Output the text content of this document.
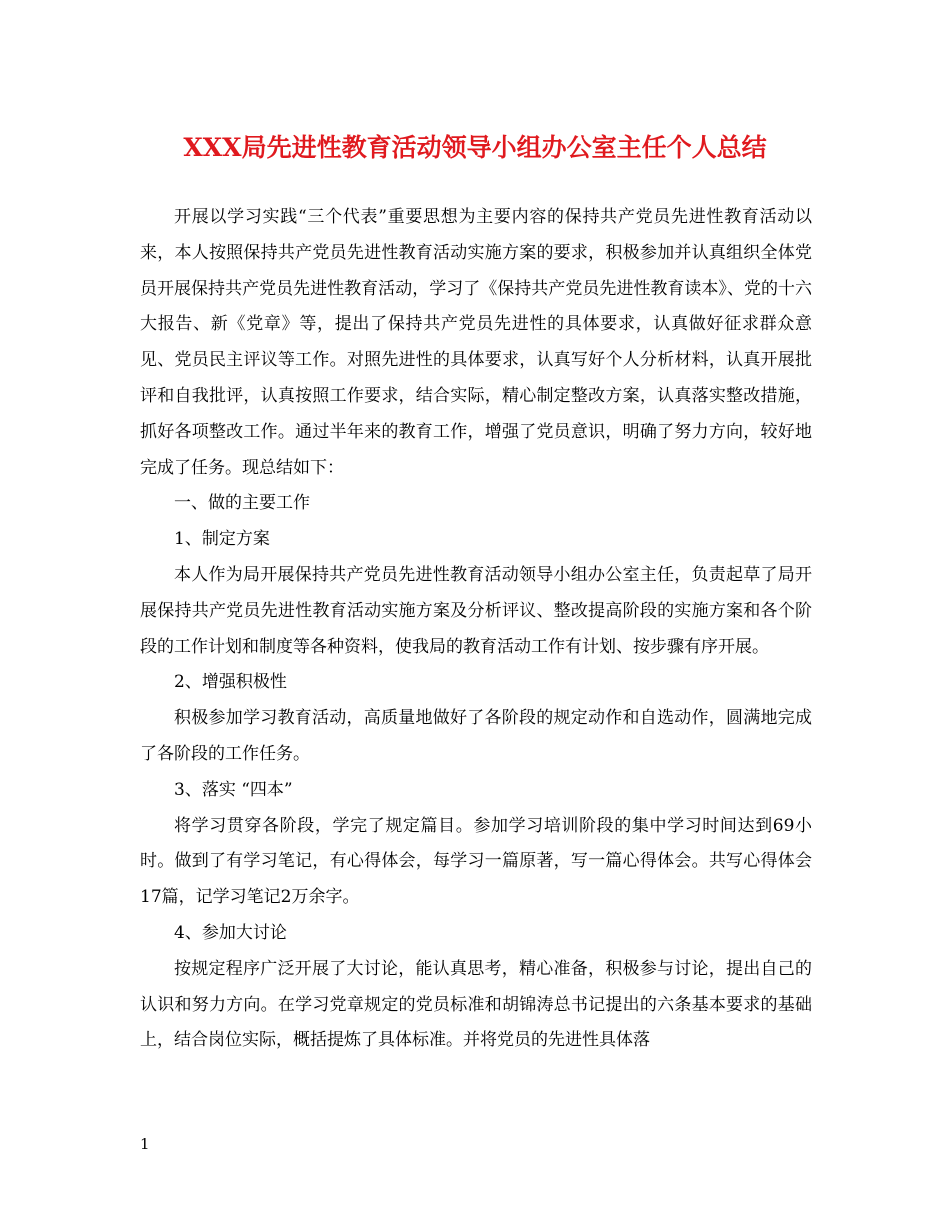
XXX局先进性教育活动领导小组办公室主任个人总结

开展以学习实践“三个代表”重要思想为主要内容的保持共产党员先进性教育活动以来，本人按照保持共产党员先进性教育活动实施方案的要求，积极参加并认真组织全体党员开展保持共产党员先进性教育活动，学习了《保持共产党员先进性教育读本》、党的十六大报告、新《党章》等，提出了保持共产党员先进性的具体要求，认真做好征求群众意见、党员民主评议等工作。对照先进性的具体要求，认真写好个人分析材料，认真开展批评和自我批评，认真按照工作要求，结合实际，精心制定整改方案，认真落实整改措施，抓好各项整改工作。通过半年来的教育工作，增强了党员意识，明确了努力方向，较好地完成了任务。现总结如下：

一、做的主要工作

1、制定方案

本人作为局开展保持共产党员先进性教育活动领导小组办公室主任，负责起草了局开展保持共产党员先进性教育活动实施方案及分析评议、整改提高阶段的实施方案和各个阶段的工作计划和制度等各种资料，使我局的教育活动工作有计划、按步骤有序开展。

2、增强积极性

积极参加学习教育活动，高质量地做好了各阶段的规定动作和自选动作，圆满地完成了各阶段的工作任务。

3、落实 “四本”

将学习贯穿各阶段，学完了规定篇目。参加学习培训阶段的集中学习时间达到69小时。做到了有学习笔记，有心得体会，每学习一篇原著，写一篇心得体会。共写心得体会17篇，记学习笔记2万余字。

4、参加大讨论

按规定程序广泛开展了大讨论，能认真思考，精心准备，积极参与讨论，提出自己的认识和努力方向。在学习党章规定的党员标准和胡锦涛总书记提出的六条基本要求的基础上，结合岗位实际，概括提炼了具体标准。并将党员的先进性具体落

1
